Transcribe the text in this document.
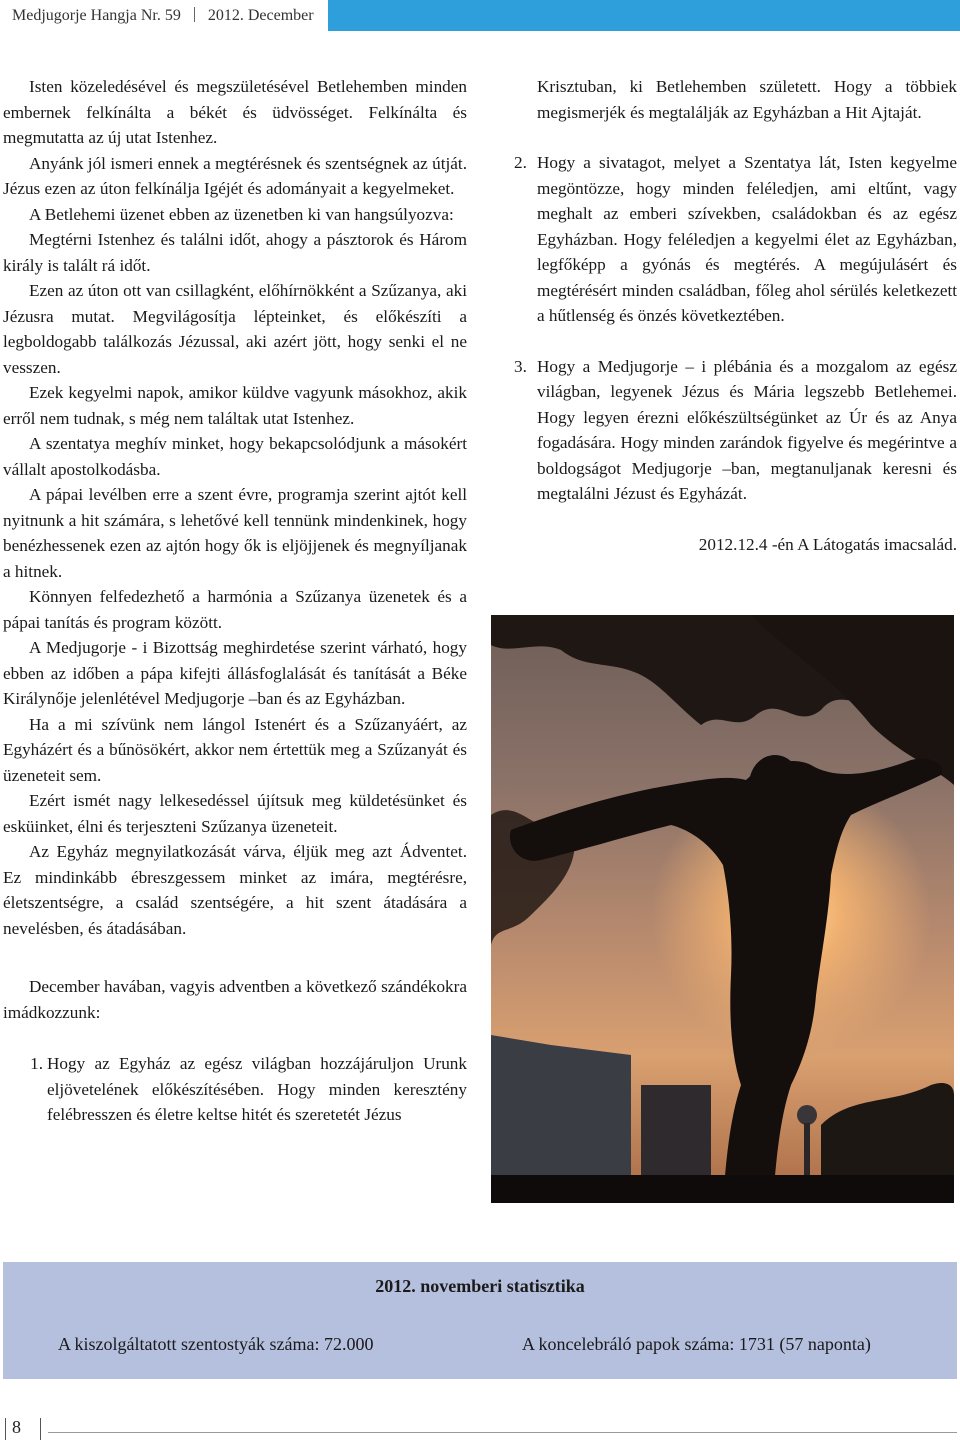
Medjugorje Hangja Nr. 59 2012. December

Isten közeledésével és megszületésével Betlehemben minden embernek felkínálta a békét és üdvösséget. Felkínálta és megmutatta az új utat Istenhez.

Anyánk jól ismeri ennek a megtérésnek és szentségnek az útját. Jézus ezen az úton felkínálja Igéjét és adományait a kegyelmeket.

A Betlehemi üzenet ebben az üzenetben ki van hangsúlyozva:

Megtérni Istenhez és találni időt, ahogy a pásztorok és Három király is talált rá időt.

Ezen az úton ott van csillagként, előhírnökként a Szűzanya, aki Jézusra mutat. Megvilágosítja lépteinket, és előkészíti a legboldogabb találkozás Jézussal, aki azért jött, hogy senki el ne vesszen.

Ezek kegyelmi napok, amikor küldve vagyunk másokhoz, akik erről nem tudnak, s még nem találtak utat Istenhez.

A szentatya meghív minket, hogy bekapcsolódjunk a másokért vállalt apostolkodásba.

A pápai levélben erre a szent évre, programja szerint ajtót kell nyitnunk a hit számára, s lehetővé kell tennünk mindenkinek, hogy benézhessenek ezen az ajtón hogy ők is eljöjjenek és megnyíljanak a hitnek.

Könnyen felfedezhető a harmónia a Szűzanya üzenetek és a pápai tanítás és program között.

A Medjugorje - i Bizottság meghirdetése szerint várható, hogy ebben az időben a pápa kifejti állásfoglalását és tanítását a Béke Királynője jelenlétével Medjugorje –ban és az Egyházban.

Ha a mi szívünk nem lángol Istenért és a Szűzanyáért, az Egyházért és a bűnösökért, akkor nem értettük meg a Szűzanyát és üzeneteit sem.

Ezért ismét nagy lelkesedéssel újítsuk meg küldetésünket és esküinket, élni és terjeszteni Szűzanya üzeneteit.

Az Egyház megnyilatkozását várva, éljük meg azt Ádventet. Ez mindinkább ébreszgessem minket az imára, megtérésre, életszentségre, a család szentségére, a hit szent átadására a nevelésben, és átadásában.

December havában, vagyis adventben a következő szándékokra imádkozzunk:

1. Hogy az Egyház az egész világban hozzájáruljon Urunk eljövetelének előkészítésében. Hogy minden keresztény felébresszen és életre keltse hitét és szeretetét Jézus
Krisztuban, ki Betlehemben született. Hogy a többiek megismerjék és megtalálják az Egyházban a Hit Ajtaját.
2. Hogy a sivatagot, melyet a Szentatya lát, Isten kegyelme megöntözze, hogy minden feléledjen, ami eltűnt, vagy meghalt az emberi szívekben, családokban és az egész Egyházban. Hogy feléledjen a kegyelmi élet az Egyházban, legfőképp a gyónás és megtérés. A megújulásért és megtérésért minden családban, főleg ahol sérülés keletkezett a hűtlenség és önzés következtében.
3. Hogy a Medjugorje – i plébánia és a mozgalom az egész világban, legyenek Jézus és Mária legszebb Betlehemei. Hogy legyen érezni előkészültségünket az Úr és az Anya fogadására. Hogy minden zarándok figyelve és megérintve a boldogságot Medjugorje –ban, megtanuljanak keresni és megtalálni Jézust és Egyházát.
2012.12.4 -én A Látogatás imacsalád.
2012. novemberi statisztika
A kiszolgáltatott szentostyák száma: 72.000	A koncelebráló papok száma: 1731 (57 naponta)
8
